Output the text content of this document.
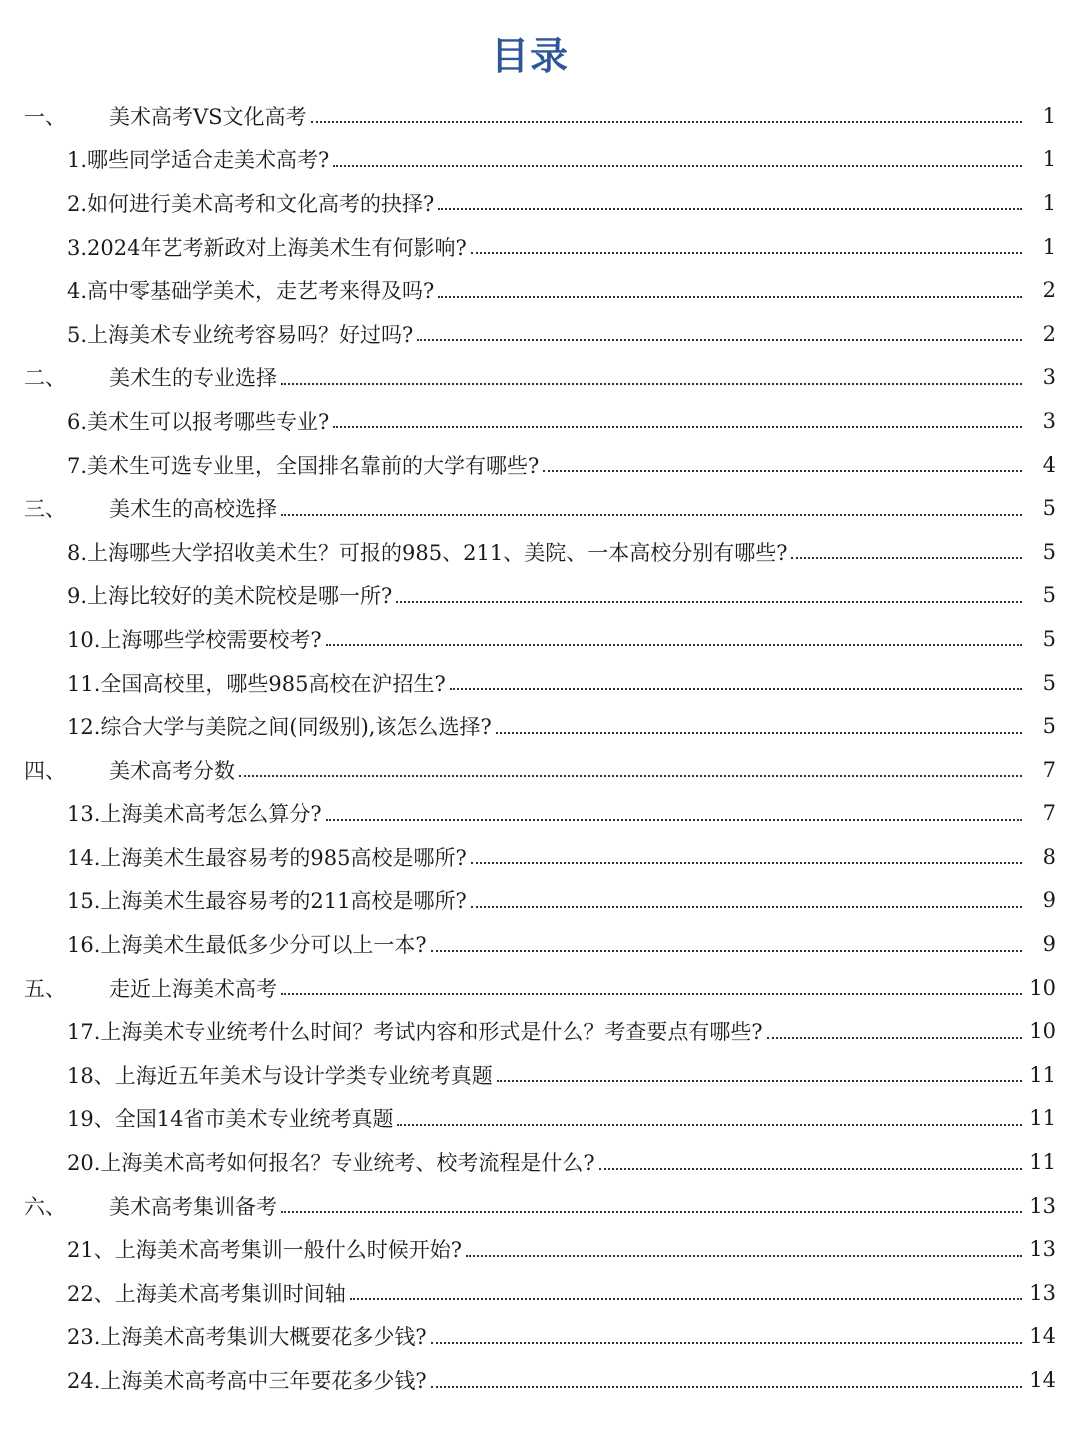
目录
一、	美术高考VS文化高考	1
1.哪些同学适合走美术高考?	1
2.如何进行美术高考和文化高考的抉择?	1
3.2024年艺考新政对上海美术生有何影响?	1
4.高中零基础学美术，走艺考来得及吗?	2
5.上海美术专业统考容易吗？好过吗?	2
二、	美术生的专业选择	3
6.美术生可以报考哪些专业?	3
7.美术生可选专业里，全国排名靠前的大学有哪些?	4
三、	美术生的高校选择	5
8.上海哪些大学招收美术生？可报的985、211、美院、一本高校分别有哪些?	5
9.上海比较好的美术院校是哪一所?	5
10.上海哪些学校需要校考?	5
11.全国高校里，哪些985高校在沪招生?	5
12.综合大学与美院之间(同级别),该怎么选择?	5
四、	美术高考分数	7
13.上海美术高考怎么算分?	7
14.上海美术生最容易考的985高校是哪所?	8
15.上海美术生最容易考的211高校是哪所?	9
16.上海美术生最低多少分可以上一本?	9
五、	走近上海美术高考	10
17.上海美术专业统考什么时间？考试内容和形式是什么？考查要点有哪些?	10
18、上海近五年美术与设计学类专业统考真题	11
19、全国14省市美术专业统考真题	11
20.上海美术高考如何报名？专业统考、校考流程是什么?	11
六、	美术高考集训备考	13
21、上海美术高考集训一般什么时候开始?	13
22、上海美术高考集训时间轴	13
23.上海美术高考集训大概要花多少钱?	14
24.上海美术高考高中三年要花多少钱?	14
